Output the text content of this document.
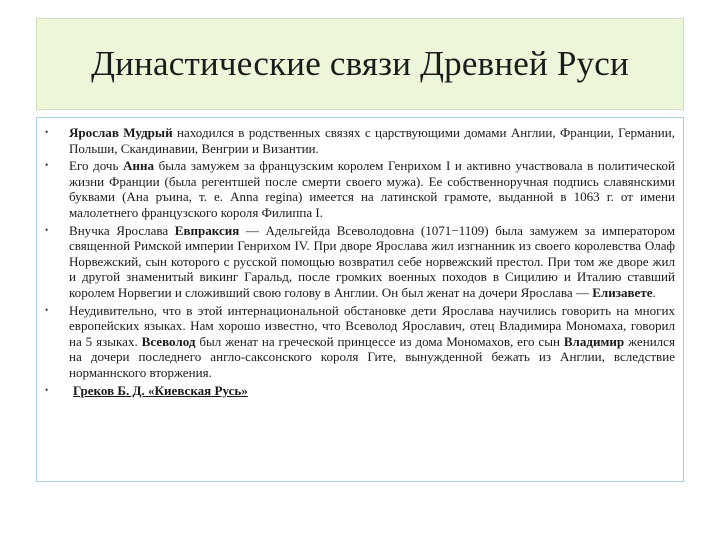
Династические связи Древней Руси
• Ярослав Мудрый находился в родственных связях с царствующими домами Англии, Франции, Германии, Польши, Скандинавии, Венгрии и Византии.
• Его дочь Анна была замужем за французским королем Генрихом I и активно участвовала в политической жизни Франции (была регентшей после смерти своего мужа). Ее собственноручная подпись славянскими буквами (Ана ръина, т. е. Anna regina) имеется на латинской грамоте, выданной в 1063 г. от имени малолетнего французского короля Филиппа I.
• Внучка Ярослава Евпраксия — Адельгейда Всеволодовна (1071−1109) была замужем за императором священной Римской империи Генрихом IV. При дворе Ярослава жил изгнанник из своего королевства Олаф Норвежский, сын которого с русской помощью возвратил себе норвежский престол. При том же дворе жил и другой знаменитый викинг Гаральд, после громких военных походов в Сицилию и Италию ставший королем Норвегии и сложивший свою голову в Англии. Он был женат на дочери Ярослава — Елизавете.
• Неудивительно, что в этой интернациональной обстановке дети Ярослава научились говорить на многих европейских языках. Нам хорошо известно, что Всеволод Ярославич, отец Владимира Мономаха, говорил на 5 языках. Всеволод был женат на греческой принцессе из дома Мономахов, его сын Владимир женился на дочери последнего англо-саксонского короля Гите, вынужденной бежать из Англии, вследствие норманнского вторжения.
• Греков Б. Д. «Киевская Русь»
